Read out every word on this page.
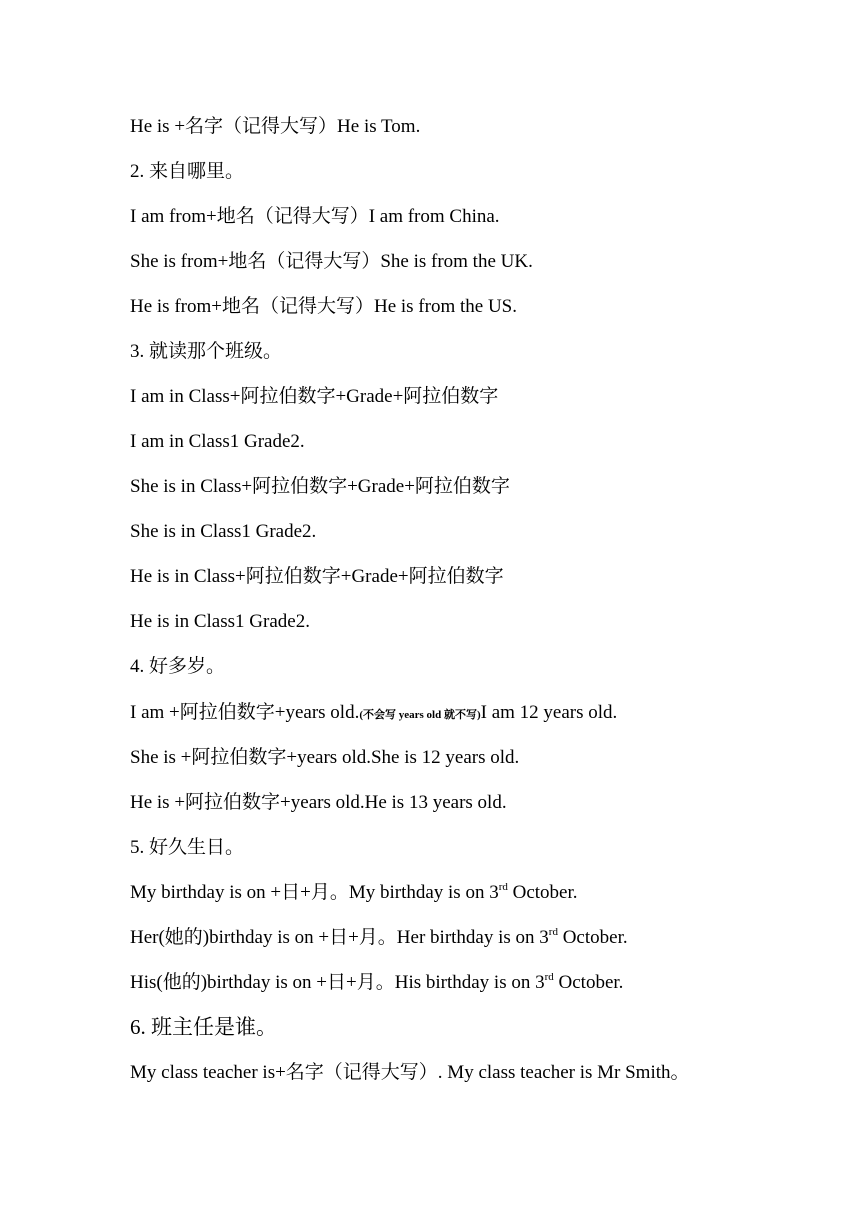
He is +名字（记得大写）He is Tom.
2. 来自哪里。
I am from+地名（记得大写）I am from China.
She is from+地名（记得大写）She is from the UK.
He is from+地名（记得大写）He is from the US.
3. 就读那个班级。
I am in Class+阿拉伯数字+Grade+阿拉伯数字
I am in Class1 Grade2.
She is in Class+阿拉伯数字+Grade+阿拉伯数字
She is in Class1 Grade2.
He is in Class+阿拉伯数字+Grade+阿拉伯数字
He is in Class1 Grade2.
4. 好多岁。
I am +阿拉伯数字+years old.(不会写 years old 就不写)I am 12 years old.
She is +阿拉伯数字+years old.She is 12 years old.
He is +阿拉伯数字+years old.He is 13 years old.
5. 好久生日。
My birthday is on +日+月。My birthday is on 3rd October.
Her(她的)birthday is on +日+月。Her birthday is on 3rd October.
His(他的)birthday is on +日+月。His birthday is on 3rd October.
6. 班主任是谁。
My class teacher is+名字（记得大写）. My class teacher is Mr Smith。
